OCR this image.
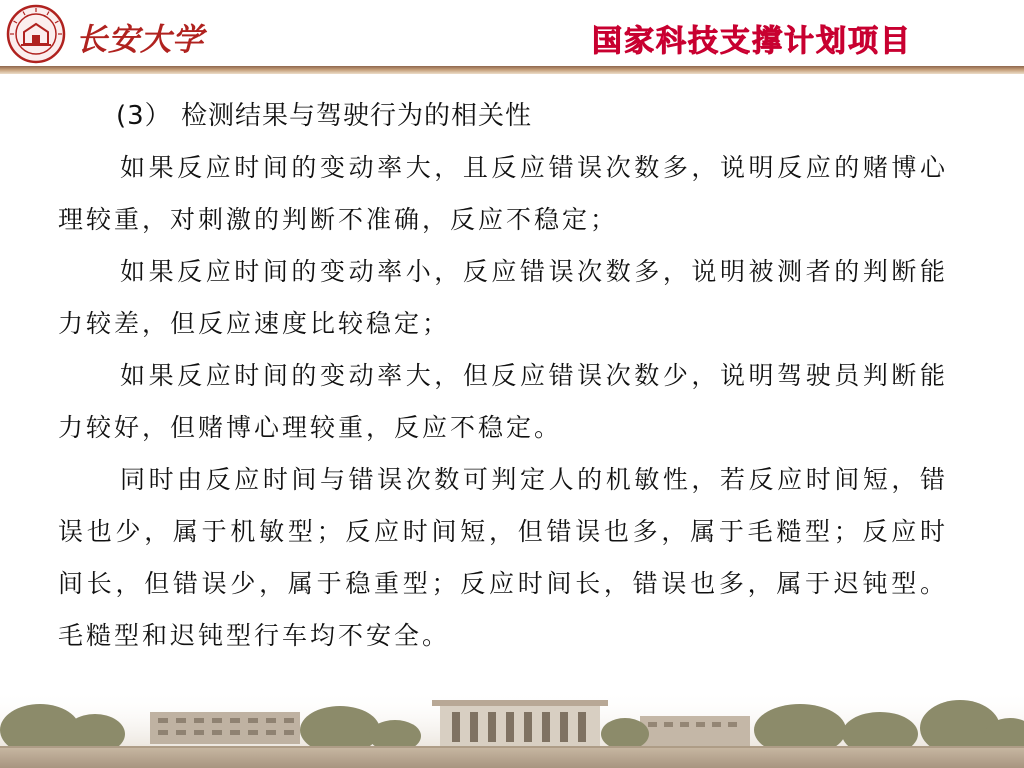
长安大学	国家科技支撑计划项目
(3） 检测结果与驾驶行为的相关性

如果反应时间的变动率大，且反应错误次数多，说明反应的赌博心理较重，对刺激的判断不准确，反应不稳定；

如果反应时间的变动率小，反应错误次数多，说明被测者的判断能力较差，但反应速度比较稳定；

如果反应时间的变动率大，但反应错误次数少，说明驾驶员判断能力较好，但赌博心理较重，反应不稳定。

同时由反应时间与错误次数可判定人的机敏性，若反应时间短，错误也少，属于机敏型；反应时间短，但错误也多，属于毛糙型；反应时间长，但错误少，属于稳重型；反应时间长，错误也多，属于迟钝型。毛糙型和迟钝型行车均不安全。
